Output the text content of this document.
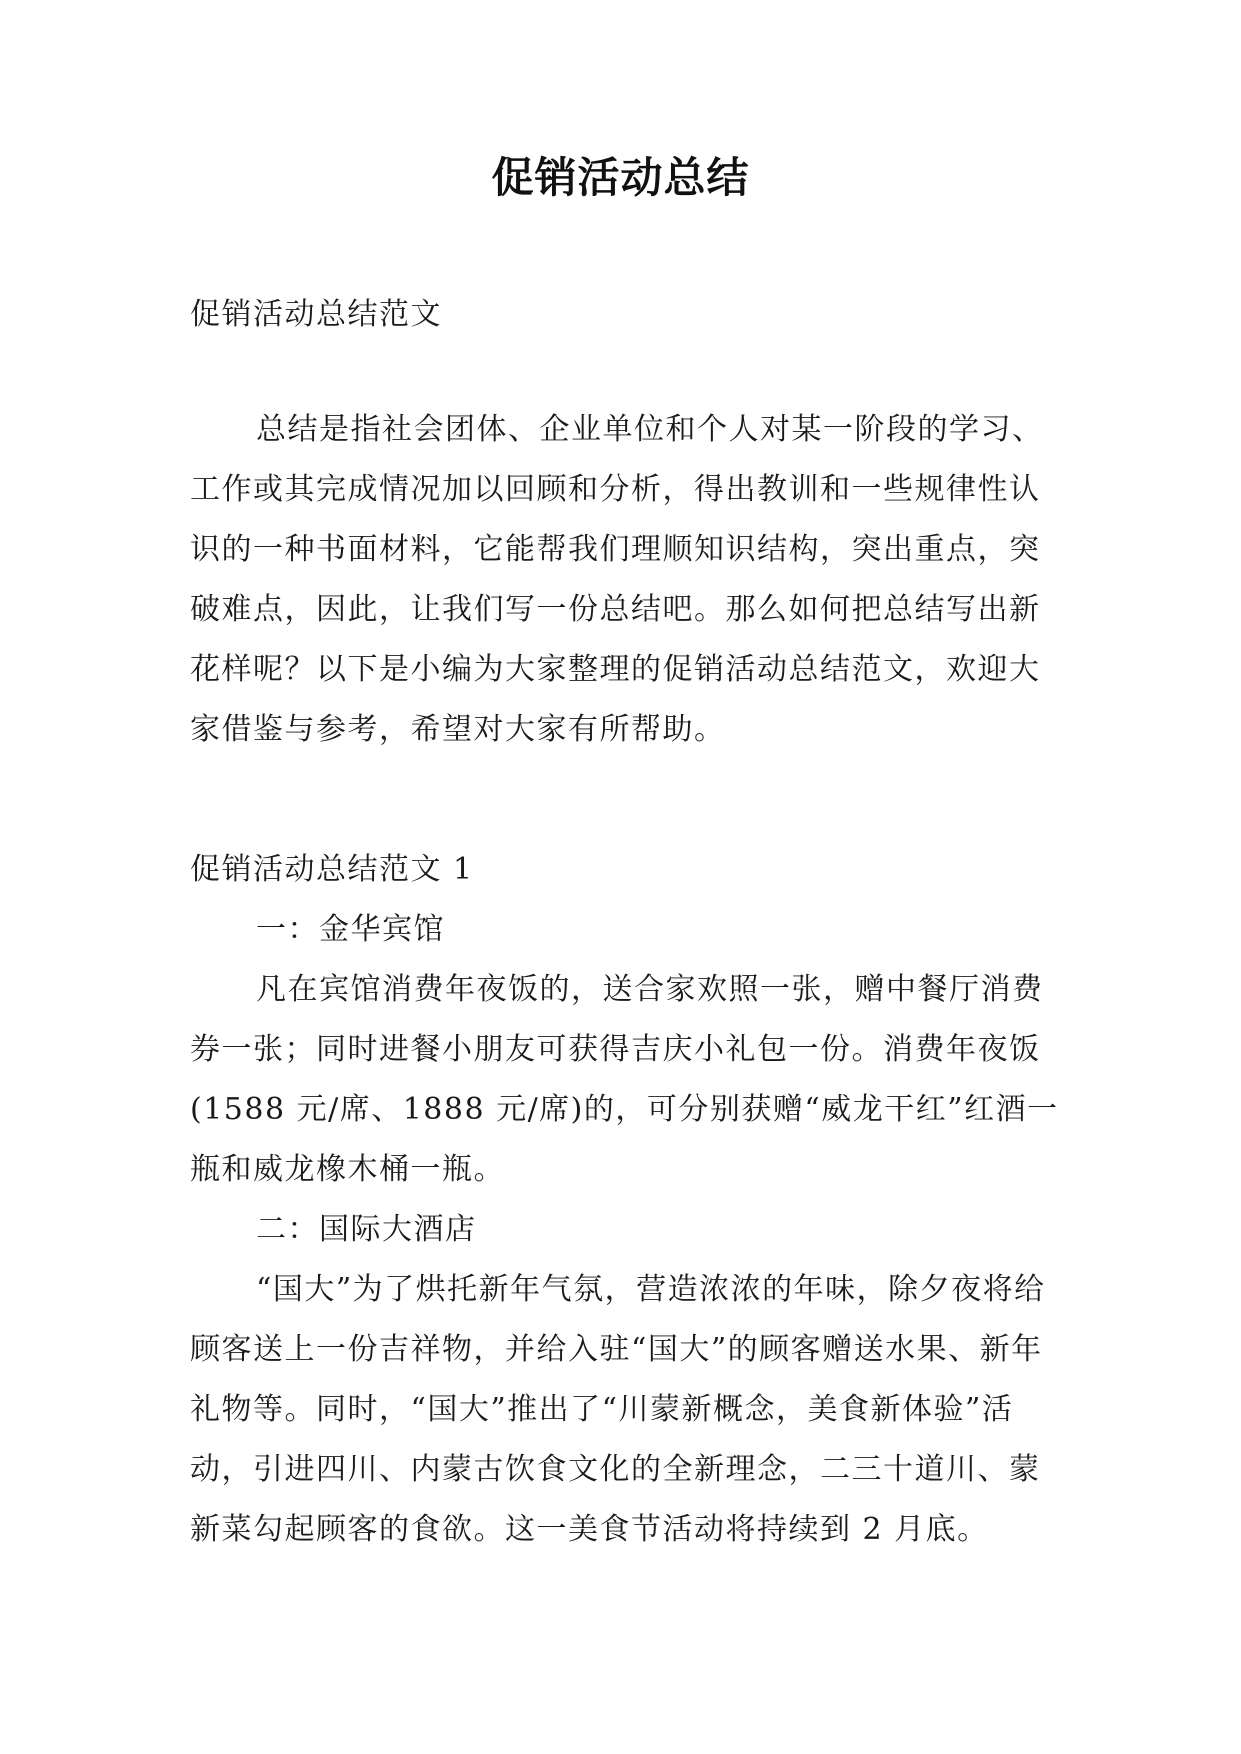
促销活动总结
促销活动总结范文

总结是指社会团体、企业单位和个人对某一阶段的学习、工作或其完成情况加以回顾和分析，得出教训和一些规律性认识的一种书面材料，它能帮我们理顺知识结构，突出重点，突破难点，因此，让我们写一份总结吧。那么如何把总结写出新花样呢？以下是小编为大家整理的促销活动总结范文，欢迎大家借鉴与参考，希望对大家有所帮助。

促销活动总结范文 1

一：金华宾馆

凡在宾馆消费年夜饭的，送合家欢照一张，赠中餐厅消费券一张；同时进餐小朋友可获得吉庆小礼包一份。消费年夜饭(1588 元/席、1888 元/席)的，可分别获赠“威龙干红”红酒一瓶和威龙橡木桶一瓶。

二：国际大酒店

“国大”为了烘托新年气氛，营造浓浓的年味，除夕夜将给顾客送上一份吉祥物，并给入驻“国大”的顾客赠送水果、新年礼物等。同时，“国大”推出了“川蒙新概念，美食新体验”活动，引进四川、内蒙古饮食文化的全新理念，二三十道川、蒙新菜勾起顾客的食欲。这一美食节活动将持续到 2 月底。
